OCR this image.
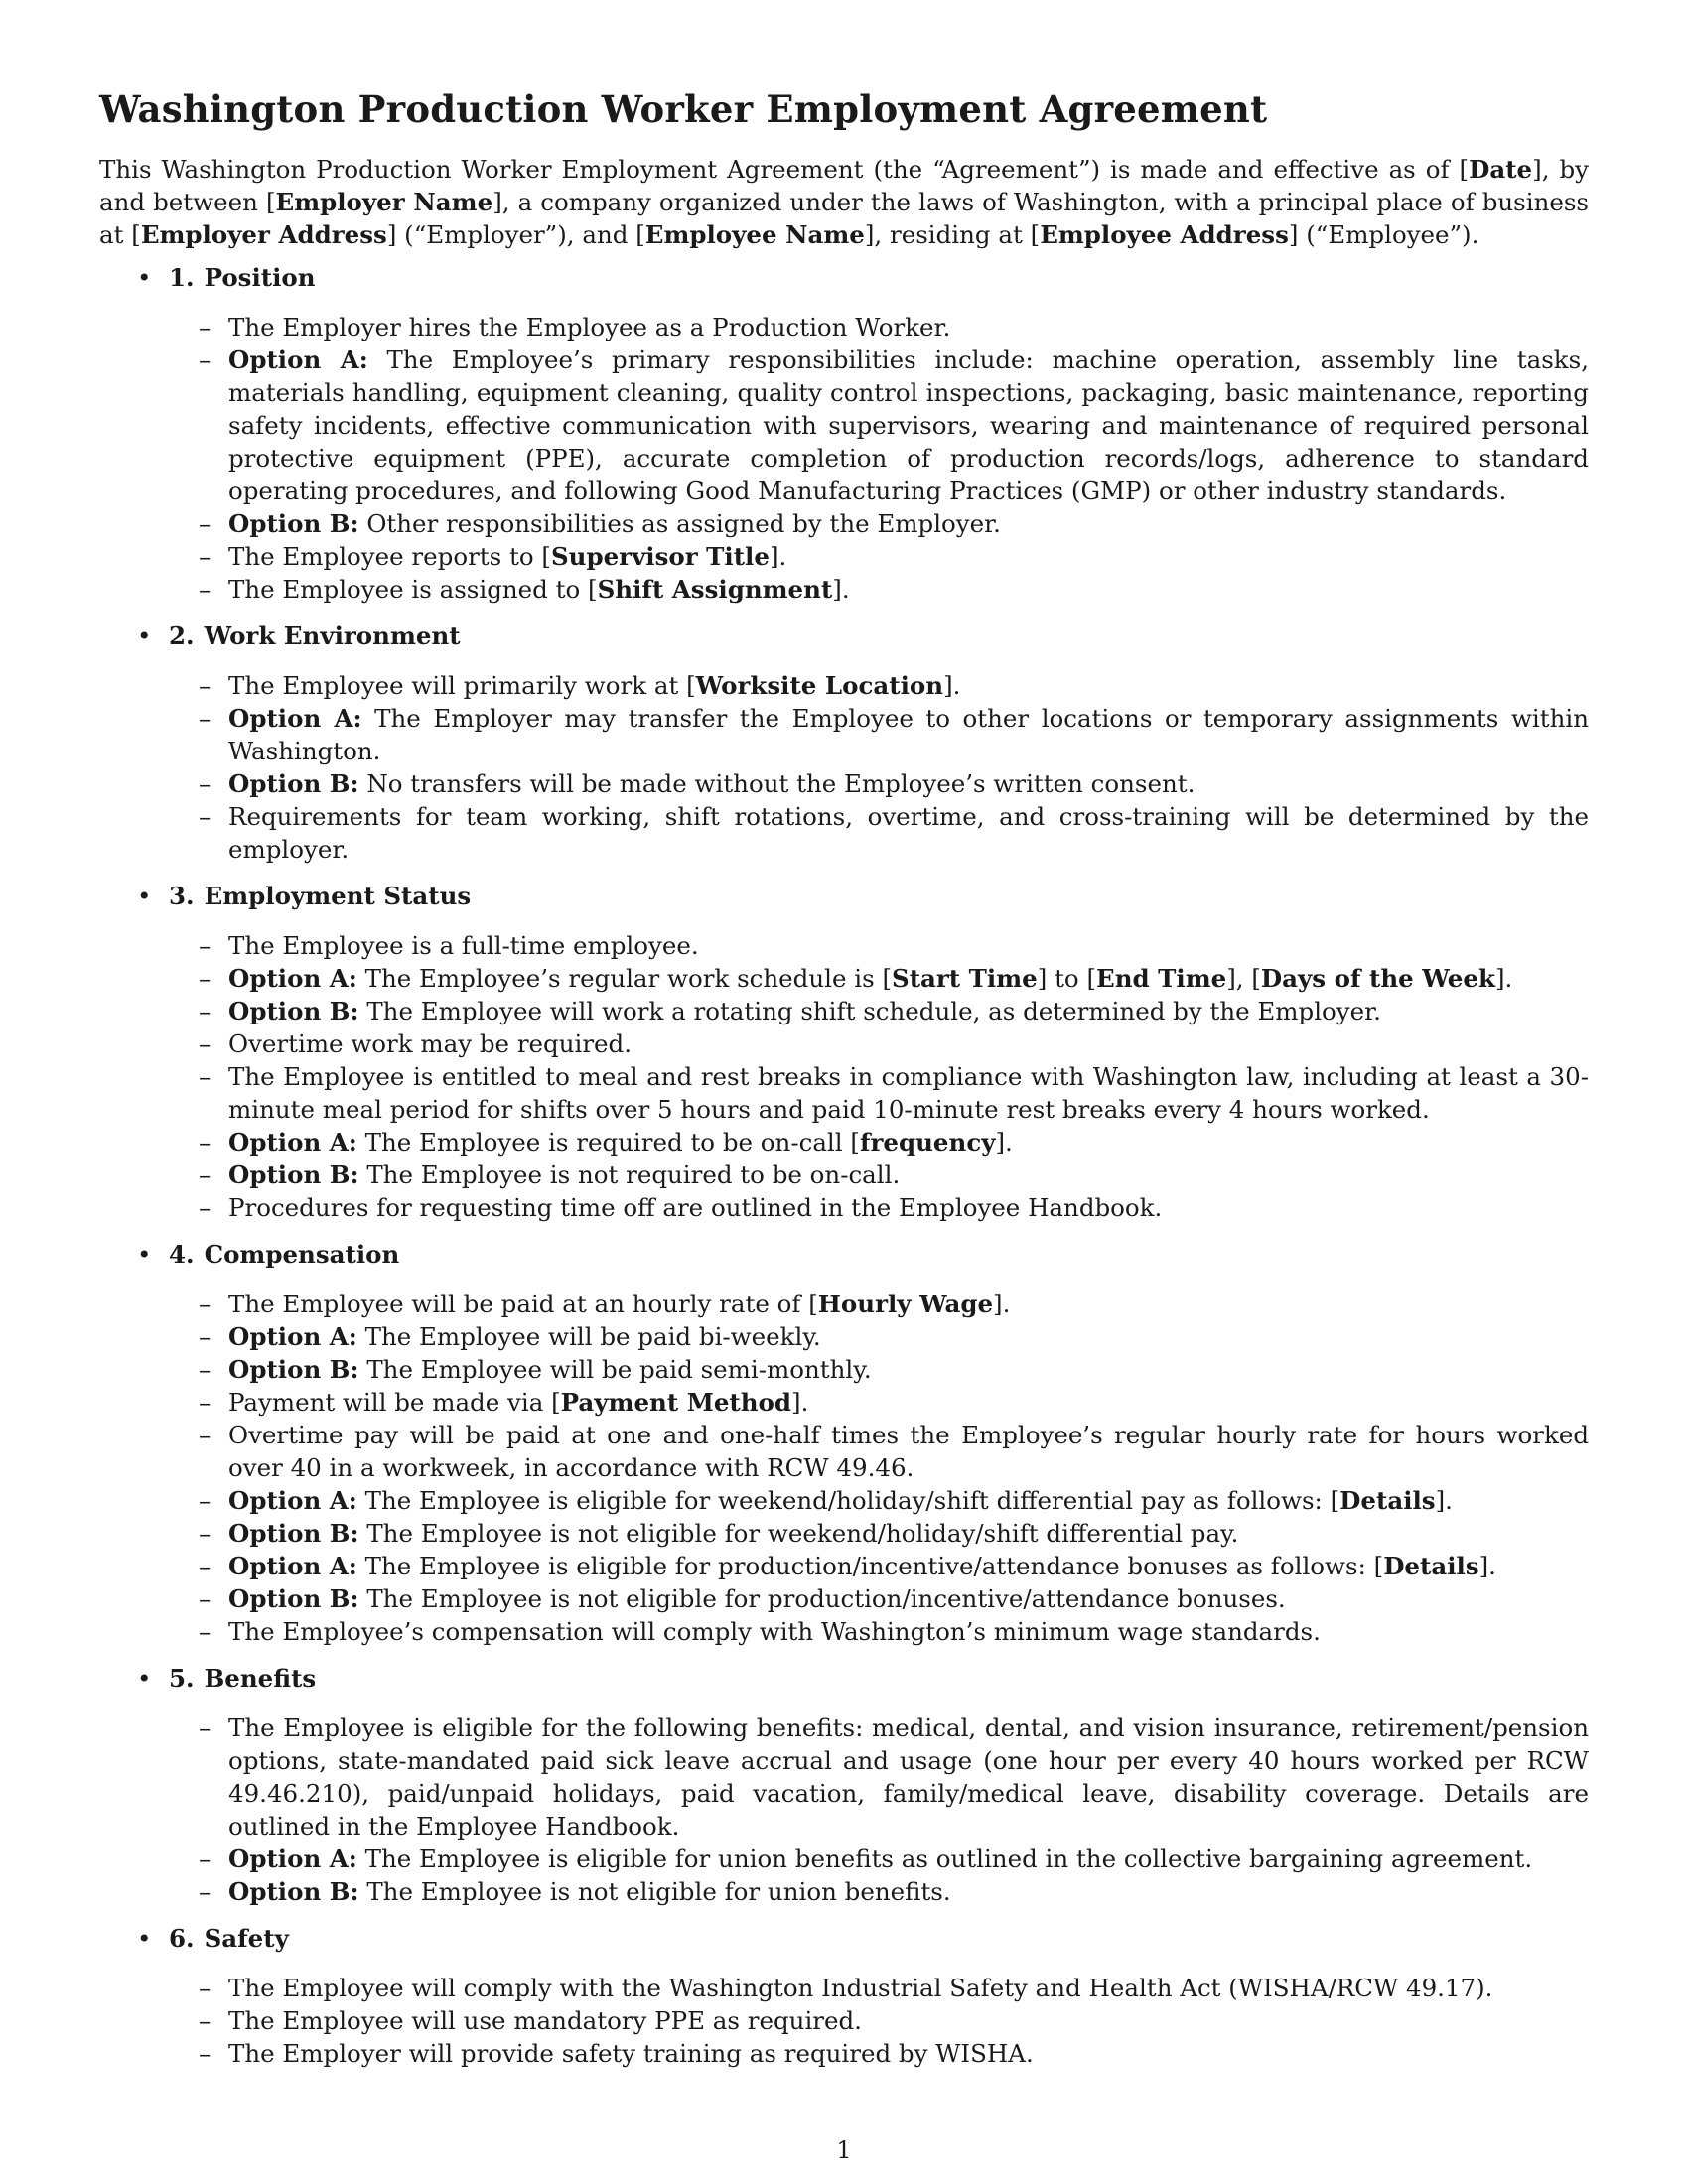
Washington Production Worker Employment Agreement

This Washington Production Worker Employment Agreement (the “Agreement”) is made and effective as of [Date], by and between [Employer Name], a company organized under the laws of Washington, with a principal place of business at [Employer Address] (“Employer”), and [Employee Name], residing at [Employee Address] (“Employee”).

• 1. Position
– The Employer hires the Employee as a Production Worker.
– Option A: The Employee’s primary responsibilities include: machine operation, assembly line tasks, materials handling, equipment cleaning, quality control inspections, packaging, basic maintenance, reporting safety incidents, effective communication with supervisors, wearing and maintenance of required personal protective equipment (PPE), accurate completion of production records/logs, adherence to standard operating procedures, and following Good Manufacturing Practices (GMP) or other industry standards.
– Option B: Other responsibilities as assigned by the Employer.
– The Employee reports to [Supervisor Title].
– The Employee is assigned to [Shift Assignment].
• 2. Work Environment
– The Employee will primarily work at [Worksite Location].
– Option A: The Employer may transfer the Employee to other locations or temporary assignments within Washington.
– Option B: No transfers will be made without the Employee’s written consent.
– Requirements for team working, shift rotations, overtime, and cross-training will be determined by the employer.
• 3. Employment Status
– The Employee is a full-time employee.
– Option A: The Employee’s regular work schedule is [Start Time] to [End Time], [Days of the Week].
– Option B: The Employee will work a rotating shift schedule, as determined by the Employer.
– Overtime work may be required.
– The Employee is entitled to meal and rest breaks in compliance with Washington law, including at least a 30-minute meal period for shifts over 5 hours and paid 10-minute rest breaks every 4 hours worked.
– Option A: The Employee is required to be on-call [frequency].
– Option B: The Employee is not required to be on-call.
– Procedures for requesting time off are outlined in the Employee Handbook.
• 4. Compensation
– The Employee will be paid at an hourly rate of [Hourly Wage].
– Option A: The Employee will be paid bi-weekly.
– Option B: The Employee will be paid semi-monthly.
– Payment will be made via [Payment Method].
– Overtime pay will be paid at one and one-half times the Employee’s regular hourly rate for hours worked over 40 in a workweek, in accordance with RCW 49.46.
– Option A: The Employee is eligible for weekend/holiday/shift differential pay as follows: [Details].
– Option B: The Employee is not eligible for weekend/holiday/shift differential pay.
– Option A: The Employee is eligible for production/incentive/attendance bonuses as follows: [Details].
– Option B: The Employee is not eligible for production/incentive/attendance bonuses.
– The Employee’s compensation will comply with Washington’s minimum wage standards.
• 5. Benefits
– The Employee is eligible for the following benefits: medical, dental, and vision insurance, retirement/pension options, state-mandated paid sick leave accrual and usage (one hour per every 40 hours worked per RCW 49.46.210), paid/unpaid holidays, paid vacation, family/medical leave, disability coverage. Details are outlined in the Employee Handbook.
– Option A: The Employee is eligible for union benefits as outlined in the collective bargaining agreement.
– Option B: The Employee is not eligible for union benefits.
• 6. Safety
– The Employee will comply with the Washington Industrial Safety and Health Act (WISHA/RCW 49.17).
– The Employee will use mandatory PPE as required.
– The Employer will provide safety training as required by WISHA.
1
